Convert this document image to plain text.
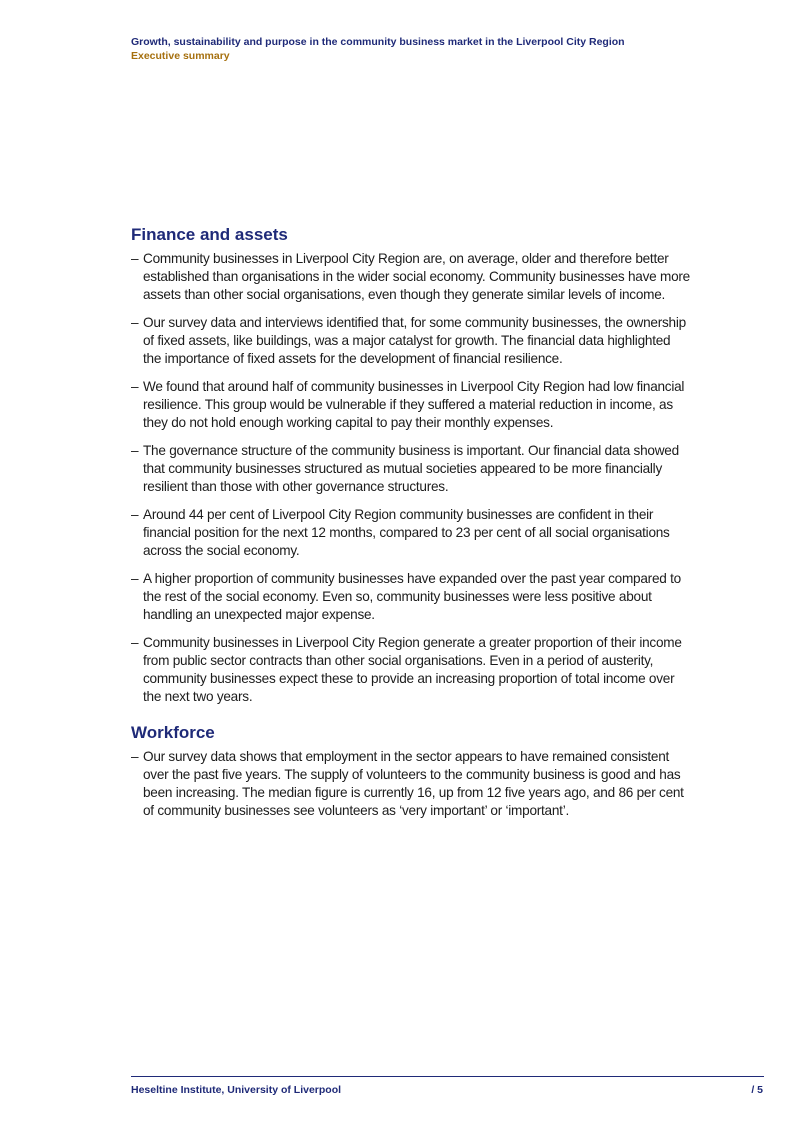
Growth, sustainability and purpose in the community business market in the Liverpool City Region
Executive summary
Finance and assets
– Community businesses in Liverpool City Region are, on average, older and therefore better established than organisations in the wider social economy. Community businesses have more assets than other social organisations, even though they generate similar levels of income.
– Our survey data and interviews identified that, for some community businesses, the ownership of fixed assets, like buildings, was a major catalyst for growth. The financial data highlighted the importance of fixed assets for the development of financial resilience.
– We found that around half of community businesses in Liverpool City Region had low financial resilience. This group would be vulnerable if they suffered a material reduction in income, as they do not hold enough working capital to pay their monthly expenses.
– The governance structure of the community business is important. Our financial data showed that community businesses structured as mutual societies appeared to be more financially resilient than those with other governance structures.
– Around 44 per cent of Liverpool City Region community businesses are confident in their financial position for the next 12 months, compared to 23 per cent of all social organisations across the social economy.
– A higher proportion of community businesses have expanded over the past year compared to the rest of the social economy. Even so, community businesses were less positive about handling an unexpected major expense.
– Community businesses in Liverpool City Region generate a greater proportion of their income from public sector contracts than other social organisations. Even in a period of austerity, community businesses expect these to provide an increasing proportion of total income over the next two years.
Workforce
– Our survey data shows that employment in the sector appears to have remained consistent over the past five years. The supply of volunteers to the community business is good and has been increasing. The median figure is currently 16, up from 12 five years ago, and 86 per cent of community businesses see volunteers as ‘very important’ or ‘important’.
Heseltine Institute, University of Liverpool	/ 5
